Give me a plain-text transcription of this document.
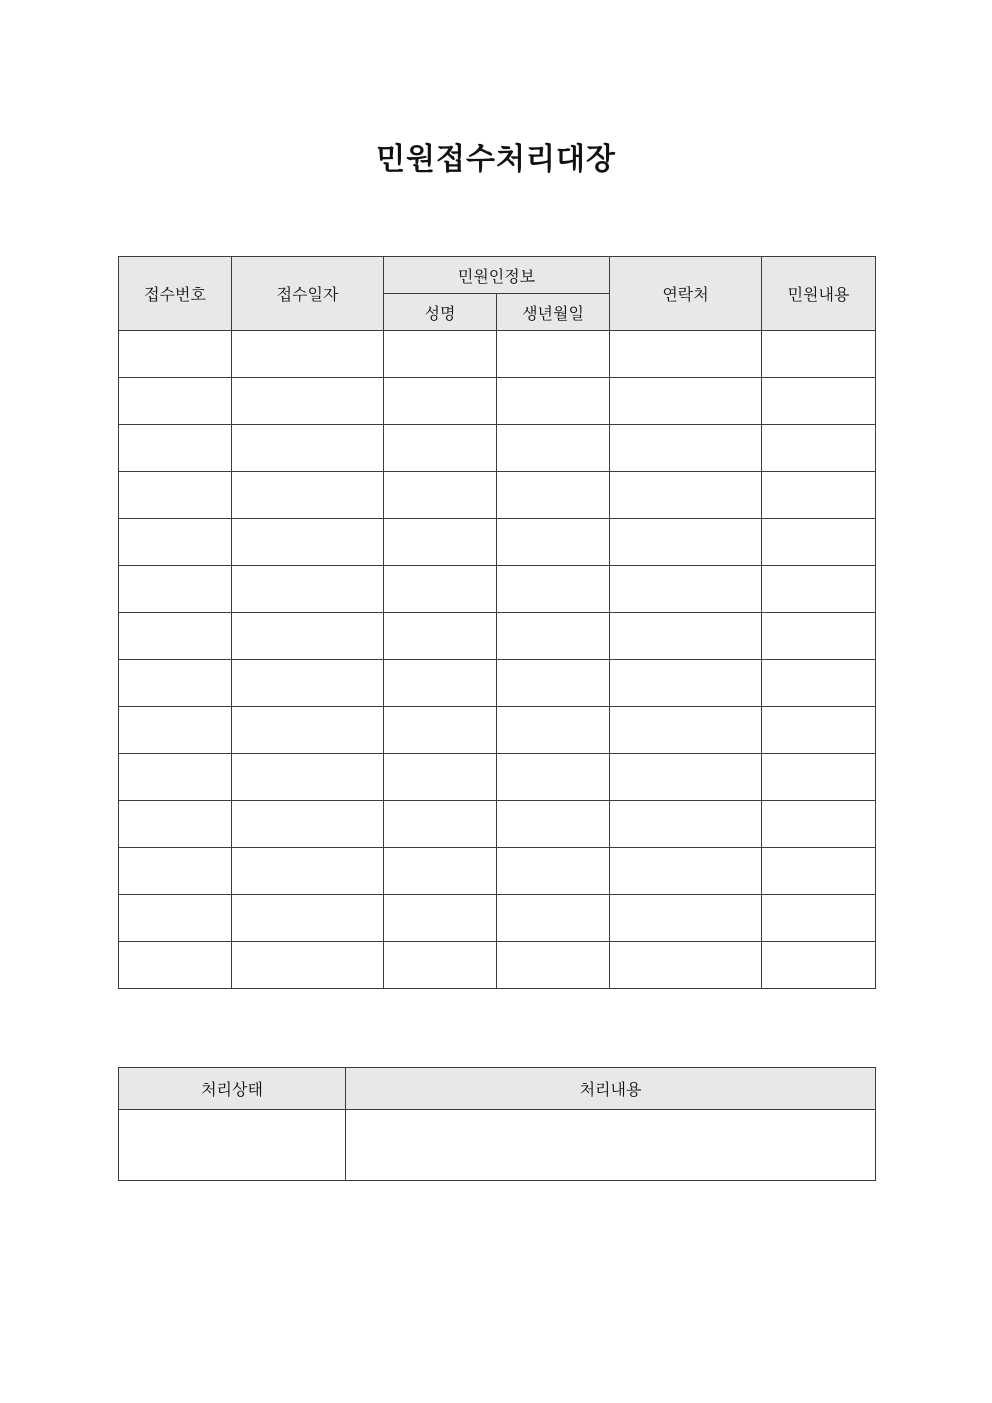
민원접수처리대장
접수번호	접수일자	민원인정보		연락처	민원내용
		성명	생년월일		

처리상태	처리내용
